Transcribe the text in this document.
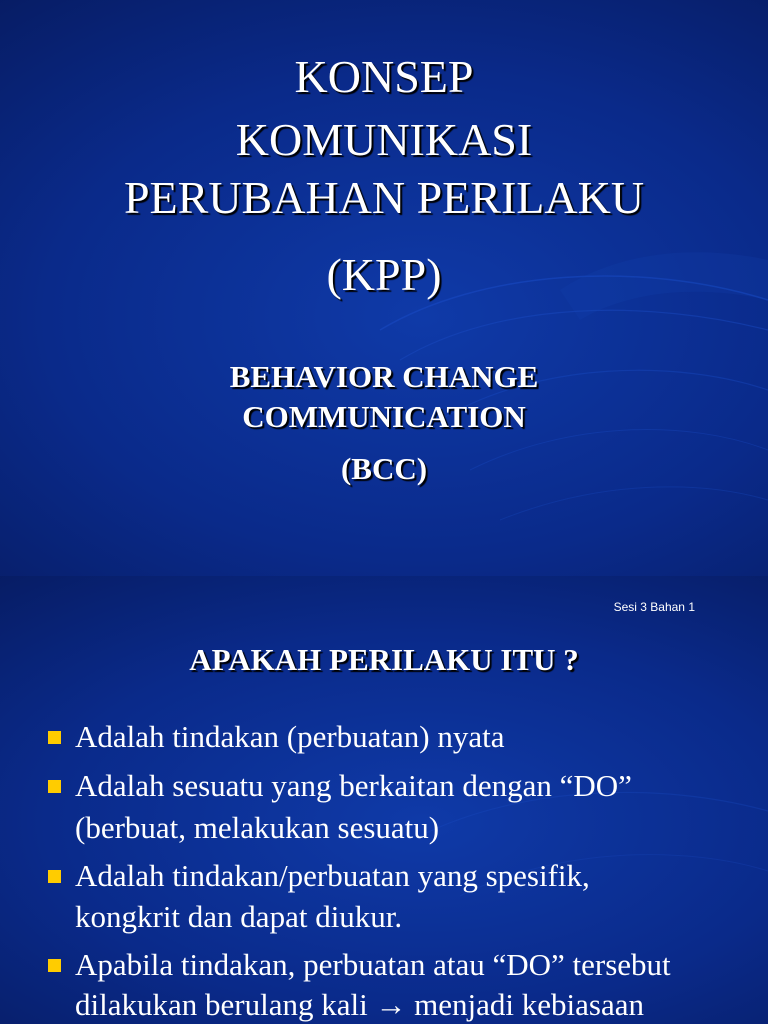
KONSEP
KOMUNIKASI
PERUBAHAN PERILAKU
(KPP)
BEHAVIOR CHANGE
COMMUNICATION
(BCC)
Sesi 3 Bahan 1
APAKAH PERILAKU ITU ?
Adalah tindakan (perbuatan) nyata
Adalah sesuatu yang berkaitan dengan “DO”
(berbuat, melakukan sesuatu)
Adalah tindakan/perbuatan yang spesifik,
kongkrit dan dapat diukur.
Apabila tindakan, perbuatan atau “DO” tersebut
dilakukan berulang kali → menjadi kebiasaan
